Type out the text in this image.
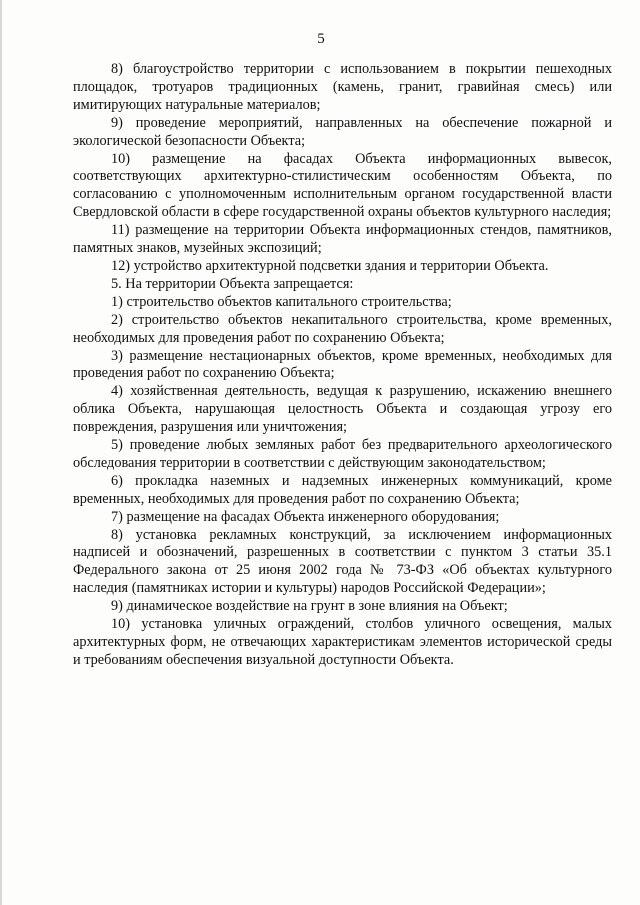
5

8) благоустройство территории с использованием в покрытии пешеходных площадок, тротуаров традиционных (камень, гранит, гравийная смесь) или имитирующих натуральные материалов;

9) проведение мероприятий, направленных на обеспечение пожарной и экологической безопасности Объекта;

10) размещение на фасадах Объекта информационных вывесок, соответствующих архитектурно-стилистическим особенностям Объекта, по согласованию с уполномоченным исполнительным органом государственной власти Свердловской области в сфере государственной охраны объектов культурного наследия;

11) размещение на территории Объекта информационных стендов, памятников, памятных знаков, музейных экспозиций;

12) устройство архитектурной подсветки здания и территории Объекта.

5. На территории Объекта запрещается:

1) строительство объектов капитального строительства;

2) строительство объектов некапитального строительства, кроме временных, необходимых для проведения работ по сохранению Объекта;

3) размещение нестационарных объектов, кроме временных, необходимых для проведения работ по сохранению Объекта;

4) хозяйственная деятельность, ведущая к разрушению, искажению внешнего облика Объекта, нарушающая целостность Объекта и создающая угрозу его повреждения, разрушения или уничтожения;

5) проведение любых земляных работ без предварительного археологического обследования территории в соответствии с действующим законодательством;

6) прокладка наземных и надземных инженерных коммуникаций, кроме временных, необходимых для проведения работ по сохранению Объекта;

7) размещение на фасадах Объекта инженерного оборудования;

8) установка рекламных конструкций, за исключением информационных надписей и обозначений, разрешенных в соответствии с пунктом 3 статьи 35.1 Федерального закона от 25 июня 2002 года № 73-ФЗ «Об объектах культурного наследия (памятниках истории и культуры) народов Российской Федерации»;

9) динамическое воздействие на грунт в зоне влияния на Объект;

10) установка уличных ограждений, столбов уличного освещения, малых архитектурных форм, не отвечающих характеристикам элементов исторической среды и требованиям обеспечения визуальной доступности Объекта.
